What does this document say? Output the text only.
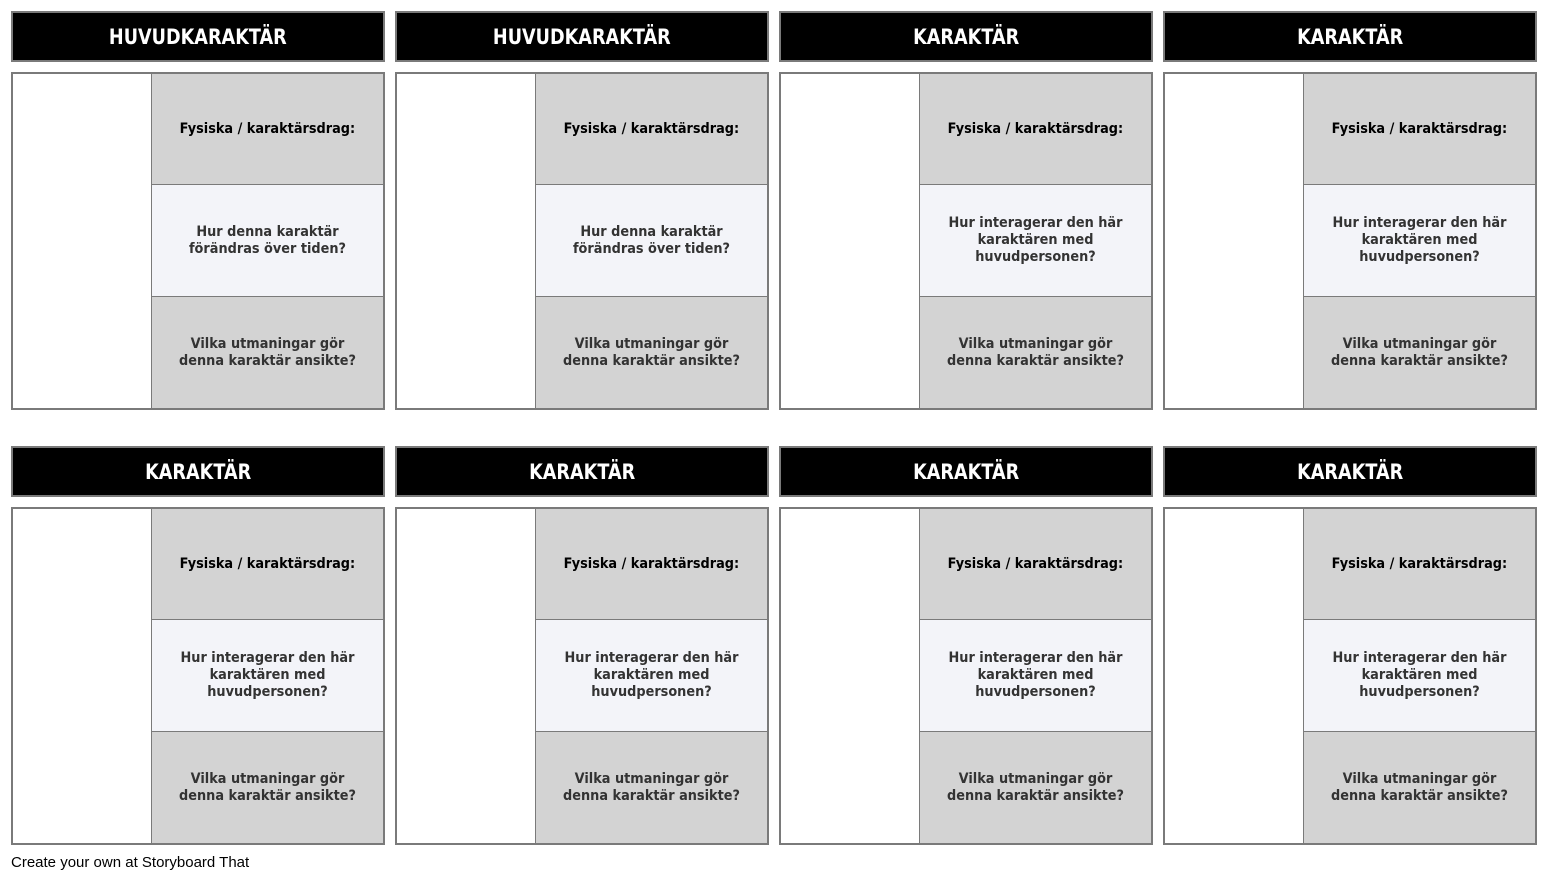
HUVUDKARAKTÄR
Fysiska / karaktärsdrag:
Hur denna karaktär förändras över tiden?
Vilka utmaningar gör denna karaktär ansikte?
HUVUDKARAKTÄR
Fysiska / karaktärsdrag:
Hur denna karaktär förändras över tiden?
Vilka utmaningar gör denna karaktär ansikte?
KARAKTÄR
Fysiska / karaktärsdrag:
Hur interagerar den här karaktären med huvudpersonen?
Vilka utmaningar gör denna karaktär ansikte?
KARAKTÄR
Fysiska / karaktärsdrag:
Hur interagerar den här karaktären med huvudpersonen?
Vilka utmaningar gör denna karaktär ansikte?
KARAKTÄR
Fysiska / karaktärsdrag:
Hur interagerar den här karaktären med huvudpersonen?
Vilka utmaningar gör denna karaktär ansikte?
KARAKTÄR
Fysiska / karaktärsdrag:
Hur interagerar den här karaktären med huvudpersonen?
Vilka utmaningar gör denna karaktär ansikte?
KARAKTÄR
Fysiska / karaktärsdrag:
Hur interagerar den här karaktären med huvudpersonen?
Vilka utmaningar gör denna karaktär ansikte?
KARAKTÄR
Fysiska / karaktärsdrag:
Hur interagerar den här karaktären med huvudpersonen?
Vilka utmaningar gör denna karaktär ansikte?
Create your own at Storyboard That
